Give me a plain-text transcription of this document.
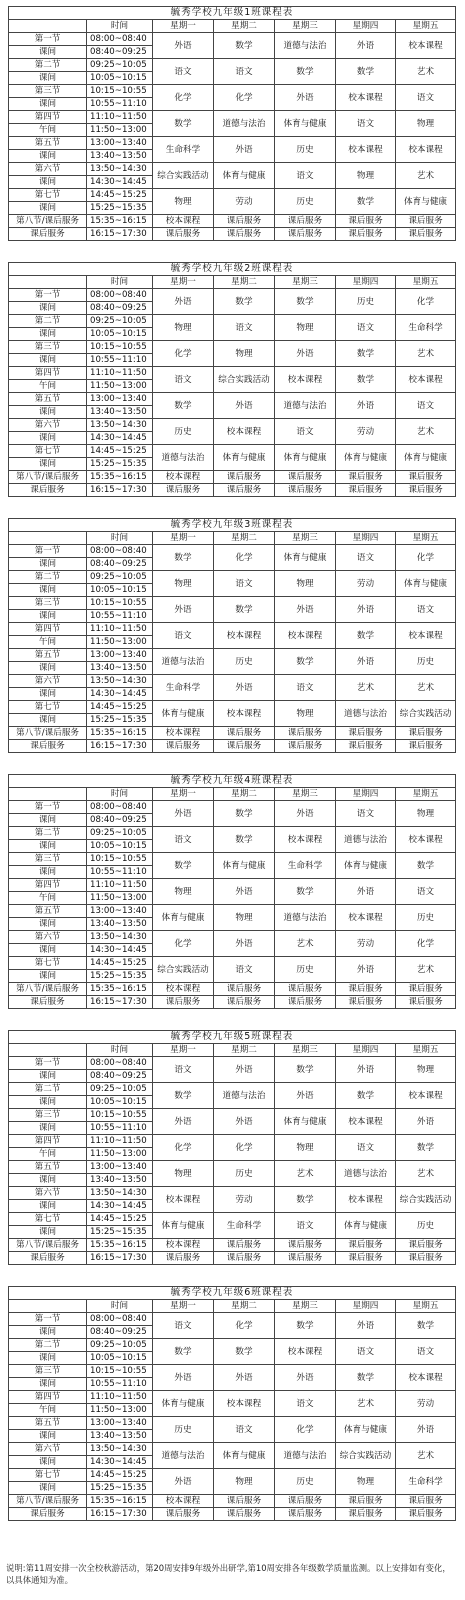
毓秀学校九年级1班课程表						
	时间	星期一	星期二	星期三	星期四	星期五
第一节	08:00~08:40	外语	数学	道德与法治	外语	校本课程
课间	08:40~09:25					
第二节	09:25~10:05	语文	语文	数学	数学	艺术
课间	10:05~10:15					
第三节	10:15~10:55	化学	化学	外语	校本课程	语文
课间	10:55~11:10					
第四节	11:10~11:50	数学	道德与法治	体育与健康	语文	物理
午间	11:50~13:00					
第五节	13:00~13:40	生命科学	外语	历史	校本课程	校本课程
课间	13:40~13:50					
第六节	13:50~14:30	综合实践活动	体育与健康	语文	物理	艺术
课间	14:30~14:45					
第七节	14:45~15:25	物理	劳动	历史	数学	体育与健康
课间	15:25~15:35					
第八节/课后服务	15:35~16:15	校本课程	课后服务	课后服务	课后服务	课后服务
课后服务	16:15~17:30	课后服务	课后服务	课后服务	课后服务	课后服务
毓秀学校九年级2班课程表						
	时间	星期一	星期二	星期三	星期四	星期五
第一节	08:00~08:40	外语	数学	数学	历史	化学
课间	08:40~09:25					
第二节	09:25~10:05	物理	语文	物理	语文	生命科学
课间	10:05~10:15					
第三节	10:15~10:55	化学	物理	外语	数学	艺术
课间	10:55~11:10					
第四节	11:10~11:50	语文	综合实践活动	校本课程	数学	校本课程
午间	11:50~13:00					
第五节	13:00~13:40	数学	外语	道德与法治	外语	语文
课间	13:40~13:50					
第六节	13:50~14:30	历史	校本课程	语文	劳动	艺术
课间	14:30~14:45					
第七节	14:45~15:25	道德与法治	体育与健康	体育与健康	体育与健康	体育与健康
课间	15:25~15:35					
第八节/课后服务	15:35~16:15	校本课程	课后服务	课后服务	课后服务	课后服务
课后服务	16:15~17:30	课后服务	课后服务	课后服务	课后服务	课后服务
毓秀学校九年级3班课程表						
	时间	星期一	星期二	星期三	星期四	星期五
第一节	08:00~08:40	数学	化学	体育与健康	语文	化学
课间	08:40~09:25					
第二节	09:25~10:05	物理	语文	物理	劳动	体育与健康
课间	10:05~10:15					
第三节	10:15~10:55	外语	数学	外语	外语	语文
课间	10:55~11:10					
第四节	11:10~11:50	语文	校本课程	校本课程	数学	校本课程
午间	11:50~13:00					
第五节	13:00~13:40	道德与法治	历史	数学	外语	历史
课间	13:40~13:50					
第六节	13:50~14:30	生命科学	外语	语文	艺术	艺术
课间	14:30~14:45					
第七节	14:45~15:25	体育与健康	校本课程	物理	道德与法治	综合实践活动
课间	15:25~15:35					
第八节/课后服务	15:35~16:15	校本课程	课后服务	课后服务	课后服务	课后服务
课后服务	16:15~17:30	课后服务	课后服务	课后服务	课后服务	课后服务
毓秀学校九年级4班课程表						
	时间	星期一	星期二	星期三	星期四	星期五
第一节	08:00~08:40	外语	数学	外语	语文	物理
课间	08:40~09:25					
第二节	09:25~10:05	语文	数学	校本课程	道德与法治	校本课程
课间	10:05~10:15					
第三节	10:15~10:55	数学	体育与健康	生命科学	体育与健康	数学
课间	10:55~11:10					
第四节	11:10~11:50	物理	外语	数学	外语	语文
午间	11:50~13:00					
第五节	13:00~13:40	体育与健康	物理	道德与法治	校本课程	历史
课间	13:40~13:50					
第六节	13:50~14:30	化学	外语	艺术	劳动	化学
课间	14:30~14:45					
第七节	14:45~15:25	综合实践活动	语文	历史	外语	艺术
课间	15:25~15:35					
第八节/课后服务	15:35~16:15	校本课程	课后服务	课后服务	课后服务	课后服务
课后服务	16:15~17:30	课后服务	课后服务	课后服务	课后服务	课后服务
毓秀学校九年级5班课程表						
	时间	星期一	星期二	星期三	星期四	星期五
第一节	08:00~08:40	语文	外语	数学	外语	物理
课间	08:40~09:25					
第二节	09:25~10:05	数学	道德与法治	外语	数学	校本课程
课间	10:05~10:15					
第三节	10:15~10:55	外语	外语	体育与健康	校本课程	外语
课间	10:55~11:10					
第四节	11:10~11:50	化学	化学	物理	语文	数学
午间	11:50~13:00					
第五节	13:00~13:40	物理	历史	艺术	道德与法治	艺术
课间	13:40~13:50					
第六节	13:50~14:30	校本课程	劳动	数学	校本课程	综合实践活动
课间	14:30~14:45					
第七节	14:45~15:25	体育与健康	生命科学	语文	体育与健康	历史
课间	15:25~15:35					
第八节/课后服务	15:35~16:15	校本课程	课后服务	课后服务	课后服务	课后服务
课后服务	16:15~17:30	课后服务	课后服务	课后服务	课后服务	课后服务
毓秀学校九年级6班课程表						
	时间	星期一	星期二	星期三	星期四	星期五
第一节	08:00~08:40	语文	化学	数学	外语	数学
课间	08:40~09:25					
第二节	09:25~10:05	数学	数学	校本课程	语文	语文
课间	10:05~10:15					
第三节	10:15~10:55	外语	外语	外语	数学	校本课程
课间	10:55~11:10					
第四节	11:10~11:50	体育与健康	校本课程	语文	艺术	劳动
午间	11:50~13:00					
第五节	13:00~13:40	历史	语文	化学	体育与健康	外语
课间	13:40~13:50					
第六节	13:50~14:30	道德与法治	体育与健康	道德与法治	综合实践活动	艺术
课间	14:30~14:45					
第七节	14:45~15:25	外语	物理	历史	物理	生命科学
课间	15:25~15:35					
第八节/课后服务	15:35~16:15	校本课程	课后服务	课后服务	课后服务	课后服务
课后服务	16:15~17:30	课后服务	课后服务	课后服务	课后服务	课后服务
说明:第11周安排一次全校秋游活动，第20周安排9年级外出研学,第10周安排各年级数学质量监测。以上安排如有变化，以具体通知为准。
